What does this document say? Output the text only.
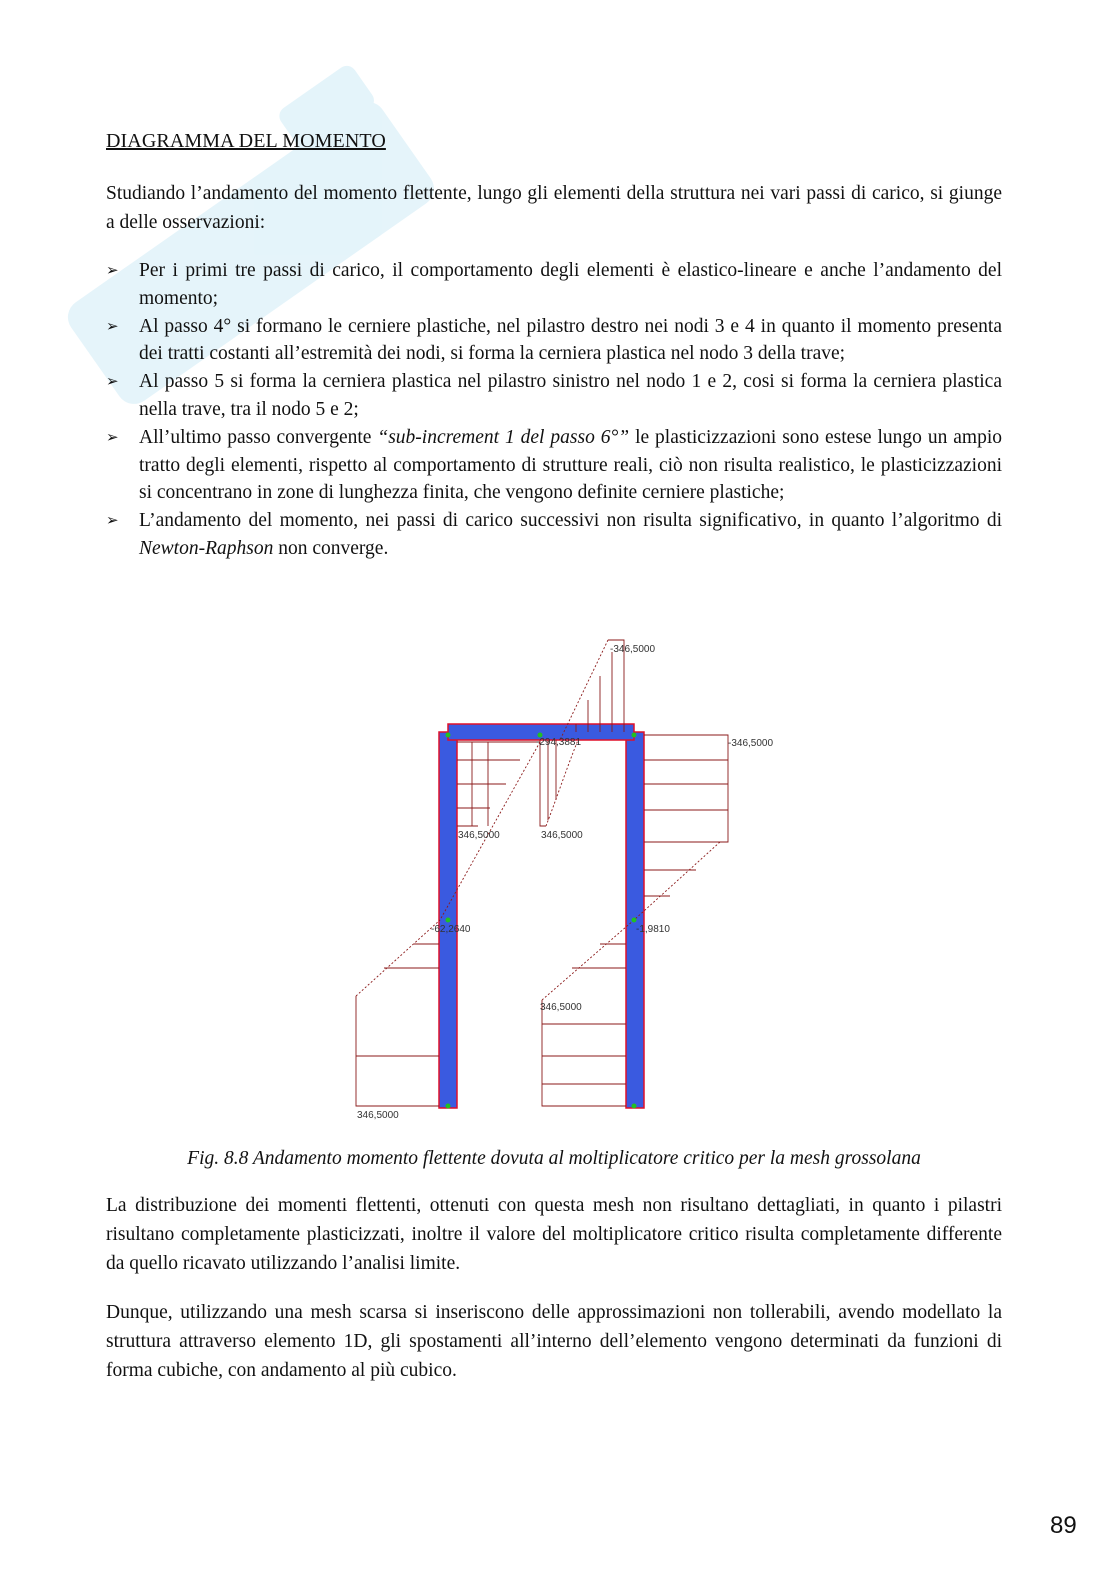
DIAGRAMMA DEL MOMENTO

Studiando l’andamento del momento flettente, lungo gli elementi della struttura nei vari passi di carico, si giunge a delle osservazioni:

➢ Per i primi tre passi di carico, il comportamento degli elementi è elastico-lineare e anche l’andamento del momento;
➢ Al passo 4° si formano le cerniere plastiche, nel pilastro destro nei nodi 3 e 4 in quanto il momento presenta dei tratti costanti all’estremità dei nodi, si forma la cerniera plastica nel nodo 3 della trave;
➢ Al passo 5 si forma la cerniera plastica nel pilastro sinistro nel nodo 1 e 2, cosi si forma la cerniera plastica nella trave, tra il nodo 5 e 2;
➢ All’ultimo passo convergente “sub-increment 1 del passo 6°” le plasticizzazioni sono estese lungo un ampio tratto degli elementi, rispetto al comportamento di strutture reali, ciò non risulta realistico, le plasticizzazioni si concentrano in zone di lunghezza finita, che vengono definite cerniere plastiche;
➢ L’andamento del momento, nei passi di carico successivi non risulta significativo, in quanto l’algoritmo di Newton-Raphson non converge.
-346,5000
-294,3881	-346,5000
346,5000	346,5000
-62,2640	-1,9810
346,5000
346,5000
Fig. 8.8 Andamento momento flettente dovuta al moltiplicatore critico per la mesh grossolana

La distribuzione dei momenti flettenti, ottenuti con questa mesh non risultano dettagliati, in quanto i pilastri risultano completamente plasticizzati, inoltre il valore del moltiplicatore critico risulta completamente differente da quello ricavato utilizzando l’analisi limite.

Dunque, utilizzando una mesh scarsa si inseriscono delle approssimazioni non tollerabili, avendo modellato la struttura attraverso elemento 1D, gli spostamenti all’interno dell’elemento vengono determinati da funzioni di forma cubiche, con andamento al più cubico.

89
